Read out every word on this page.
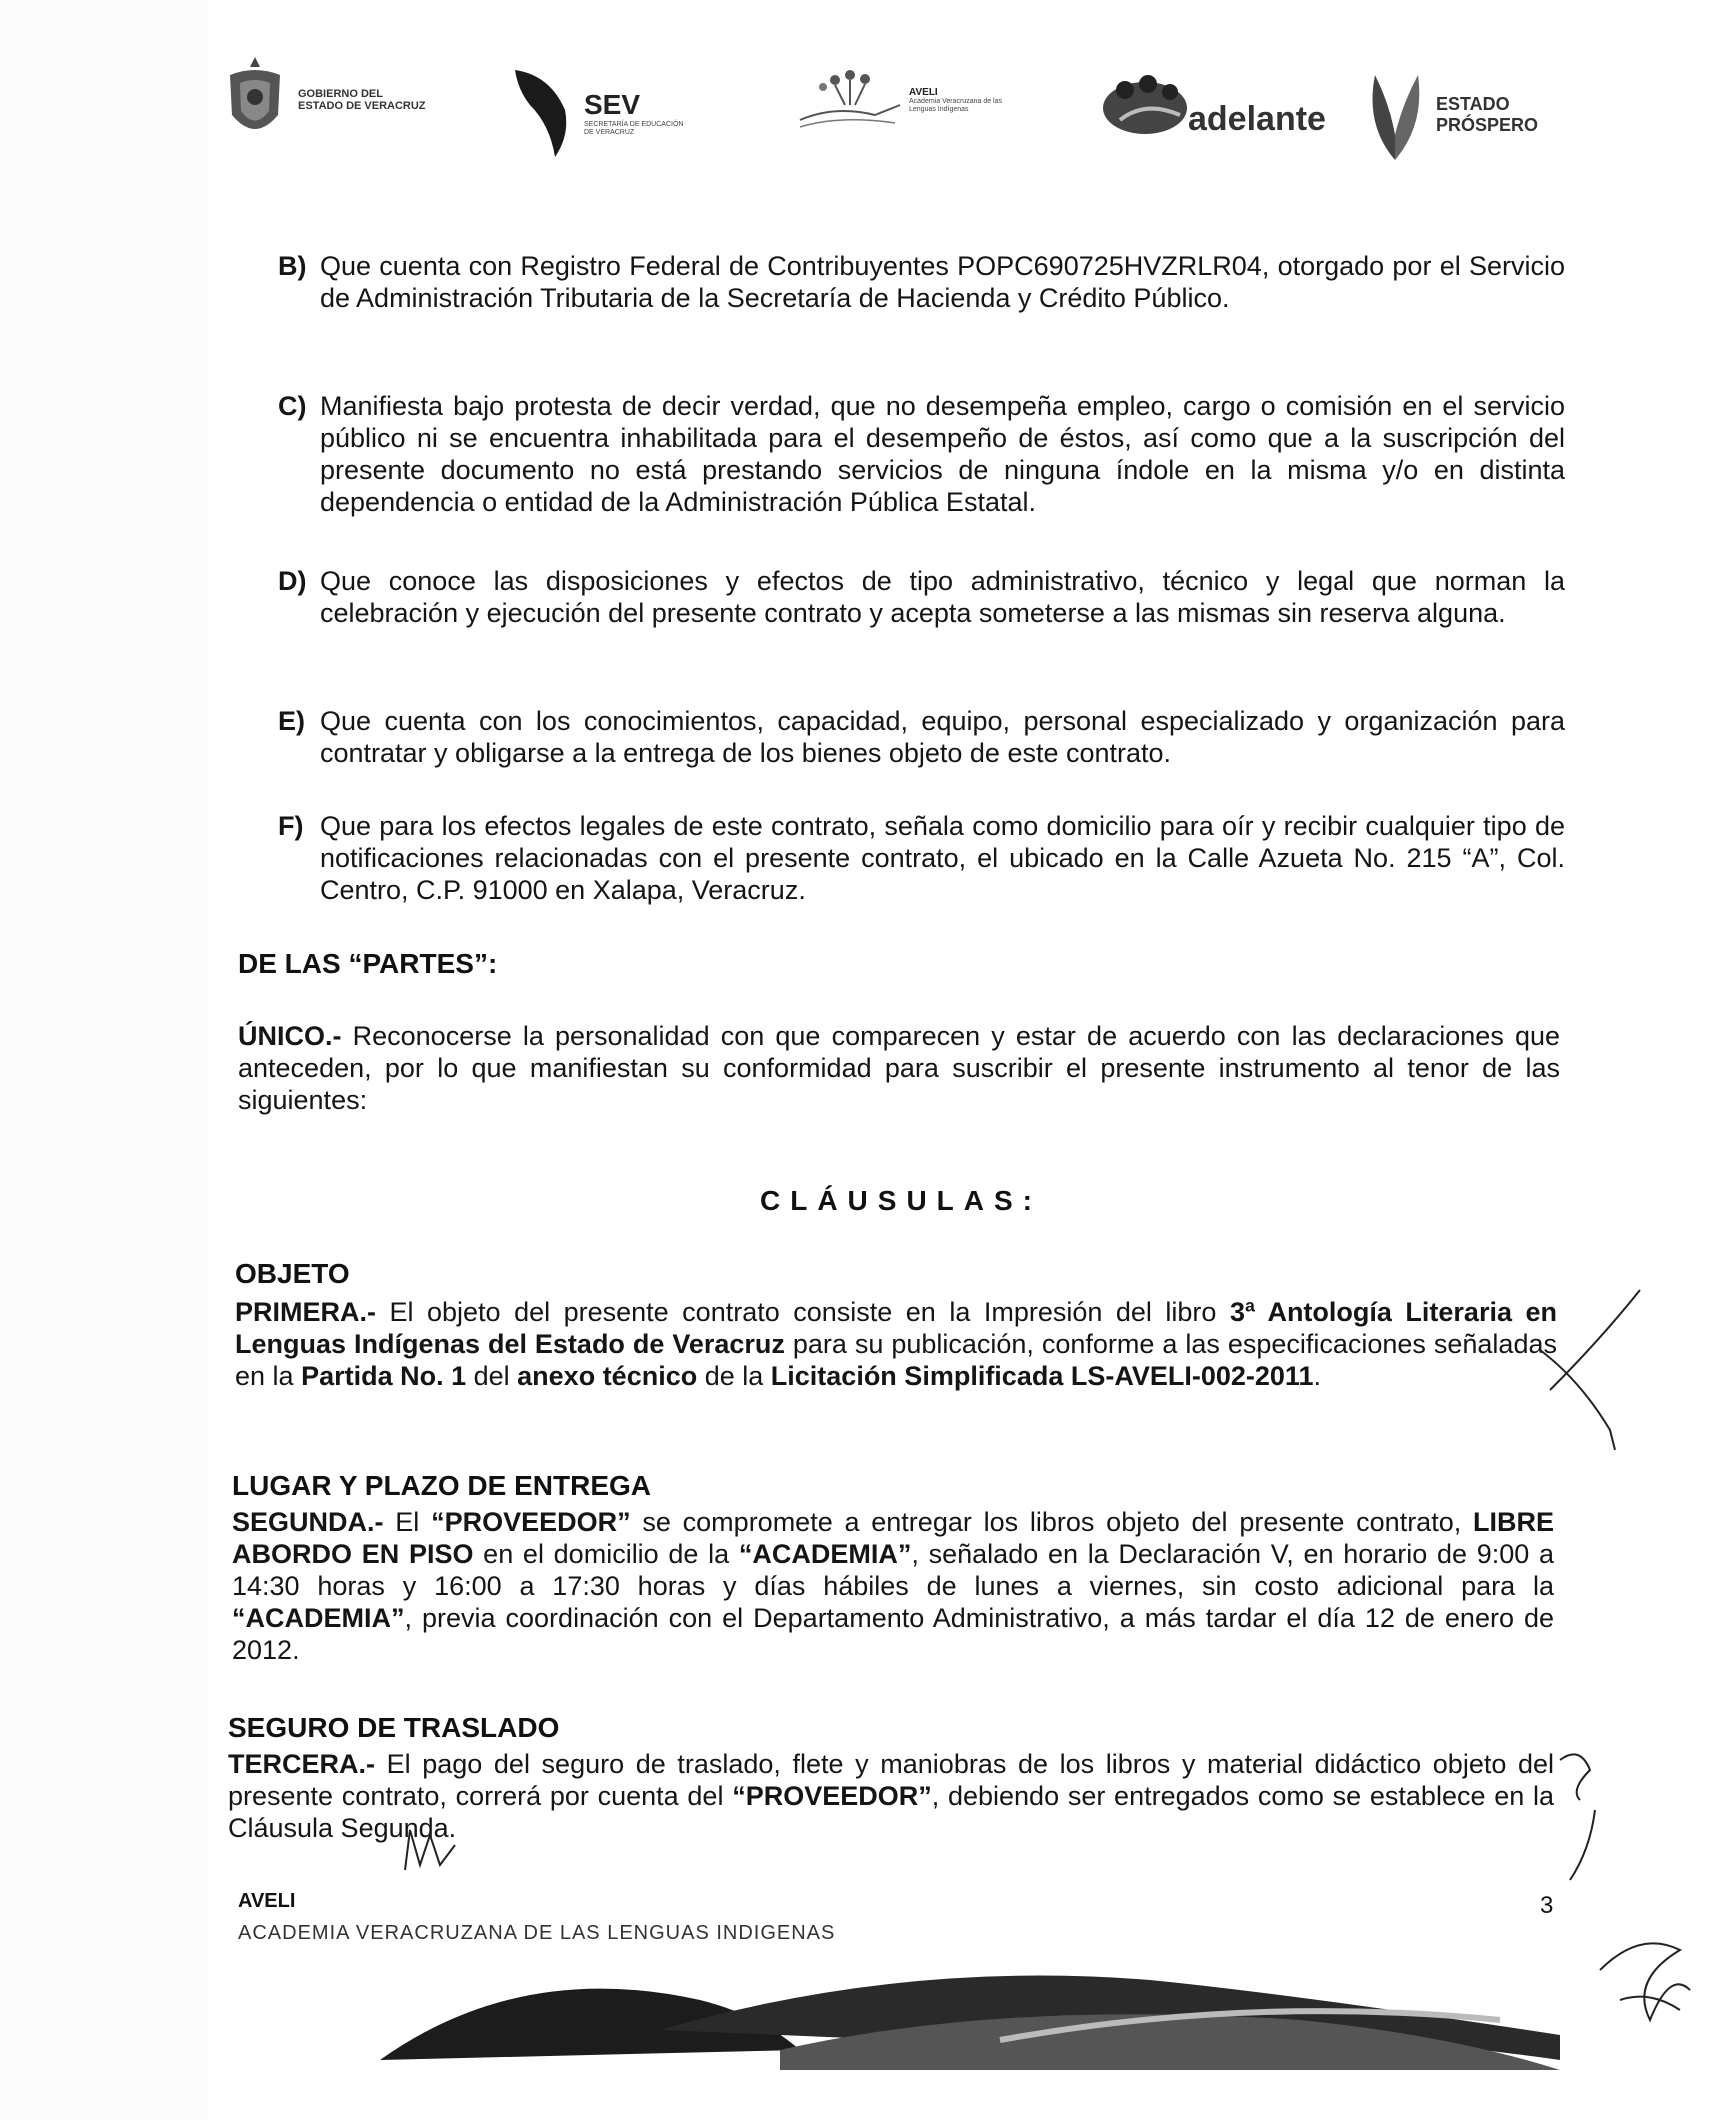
GOBIERNO DEL
ESTADO DE VERACRUZ	SEV
SECRETARÍA DE EDUCACIÓN
DE VERACRUZ
AVELI
Academia Veracruzana de las
Lenguas Indígenas	adelante	ESTADO
PRÓSPERO
B) Que cuenta con Registro Federal de Contribuyentes POPC690725HVZRLR04, otorgado por el Servicio de Administración Tributaria de la Secretaría de Hacienda y Crédito Público.
C) Manifiesta bajo protesta de decir verdad, que no desempeña empleo, cargo o comisión en el servicio público ni se encuentra inhabilitada para el desempeño de éstos, así como que a la suscripción del presente documento no está prestando servicios de ninguna índole en la misma y/o en distinta dependencia o entidad de la Administración Pública Estatal.
D) Que conoce las disposiciones y efectos de tipo administrativo, técnico y legal que norman la celebración y ejecución del presente contrato y acepta someterse a las mismas sin reserva alguna.
E) Que cuenta con los conocimientos, capacidad, equipo, personal especializado y organización para contratar y obligarse a la entrega de los bienes objeto de este contrato.
F) Que para los efectos legales de este contrato, señala como domicilio para oír y recibir cualquier tipo de notificaciones relacionadas con el presente contrato, el ubicado en la Calle Azueta No. 215 “A”, Col. Centro, C.P. 91000 en Xalapa, Veracruz.
DE LAS “PARTES”:
ÚNICO.- Reconocerse la personalidad con que comparecen y estar de acuerdo con las declaraciones que anteceden, por lo que manifiestan su conformidad para suscribir el presente instrumento al tenor de las siguientes:
CLÁUSULAS:
OBJETO
PRIMERA.- El objeto del presente contrato consiste en la Impresión del libro 3ª Antología Literaria en Lenguas Indígenas del Estado de Veracruz para su publicación, conforme a las especificaciones señaladas en la Partida No. 1 del anexo técnico de la Licitación Simplificada LS-AVELI-002-2011.
LUGAR Y PLAZO DE ENTREGA
SEGUNDA.- El “PROVEEDOR” se compromete a entregar los libros objeto del presente contrato, LIBRE ABORDO EN PISO en el domicilio de la “ACADEMIA”, señalado en la Declaración V, en horario de 9:00 a 14:30 horas y 16:00 a 17:30 horas y días hábiles de lunes a viernes, sin costo adicional para la “ACADEMIA”, previa coordinación con el Departamento Administrativo, a más tardar el día 12 de enero de 2012.
SEGURO DE TRASLADO
TERCERA.- El pago del seguro de traslado, flete y maniobras de los libros y material didáctico objeto del presente contrato, correrá por cuenta del “PROVEEDOR”, debiendo ser entregados como se establece en la Cláusula Segunda.
AVELI
ACADEMIA VERACRUZANA DE LAS LENGUAS INDIGENAS
3
